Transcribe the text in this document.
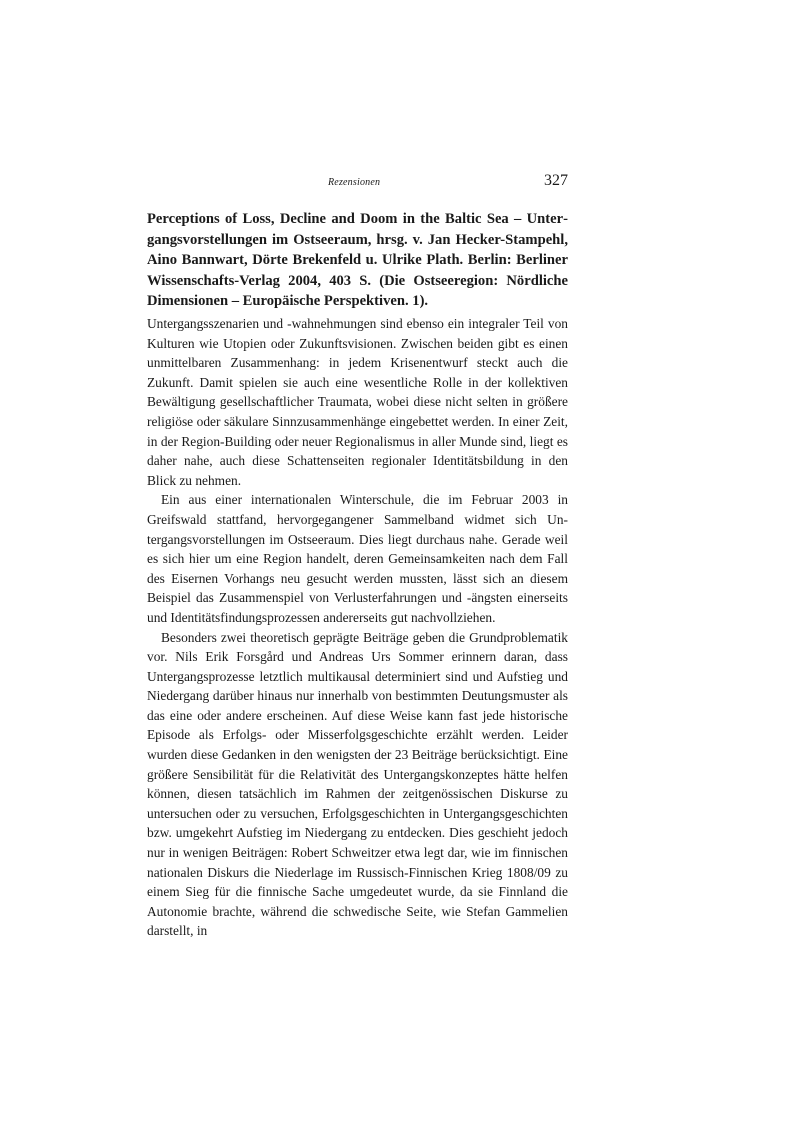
Rezensionen	327
Perceptions of Loss, Decline and Doom in the Baltic Sea – Untergangsvorstellungen im Ostseeraum, hrsg. v. Jan Hecker-Stampehl, Aino Bannwart, Dörte Brekenfeld u. Ulrike Plath. Berlin: Berliner Wissenschafts-Verlag 2004, 403 S. (Die Ostseeregion: Nördliche Dimensionen – Europäische Perspektiven. 1).

Untergangsszenarien und -wahnehmungen sind ebenso ein integraler Teil von Kulturen wie Utopien oder Zukunftsvisionen. Zwischen beiden gibt es einen unmittelbaren Zusammenhang: in jedem Krisenentwurf steckt auch die Zukunft. Damit spielen sie auch eine wesentliche Rolle in der kollektiven Bewältigung gesellschaftlicher Traumata, wobei diese nicht selten in größere religiöse oder säkulare Sinnzusammenhänge eingebettet werden. In einer Zeit, in der Region-Building oder neuer Regionalismus in aller Munde sind, liegt es daher nahe, auch diese Schattenseiten regionaler Identitätsbildung in den Blick zu nehmen.

Ein aus einer internationalen Winterschule, die im Februar 2003 in Greifswald stattfand, hervorgegangener Sammelband widmet sich Untergangsvorstellungen im Ostseeraum. Dies liegt durchaus nahe. Gerade weil es sich hier um eine Region handelt, deren Gemeinsamkeiten nach dem Fall des Eisernen Vorhangs neu gesucht werden mussten, lässt sich an diesem Beispiel das Zusammenspiel von Verlusterfahrungen und -ängsten einerseits und Identitätsfindungsprozessen andererseits gut nachvollziehen.

Besonders zwei theoretisch geprägte Beiträge geben die Grundproblematik vor. Nils Erik Forsgård und Andreas Urs Sommer erinnern daran, dass Untergangsprozesse letztlich multikausal determiniert sind und Aufstieg und Niedergang darüber hinaus nur innerhalb von bestimmten Deutungsmuster als das eine oder andere erscheinen. Auf diese Weise kann fast jede historische Episode als Erfolgs- oder Misserfolgsgeschichte erzählt werden. Leider wurden diese Gedanken in den wenigsten der 23 Beiträge berücksichtigt. Eine größere Sensibilität für die Relativität des Untergangskonzeptes hätte helfen können, diesen tatsächlich im Rahmen der zeitgenössischen Diskurse zu untersuchen oder zu versuchen, Erfolgsgeschichten in Untergangsgeschichten bzw. umgekehrt Aufstieg im Niedergang zu entdecken. Dies geschieht jedoch nur in wenigen Beiträgen: Robert Schweitzer etwa legt dar, wie im finnischen nationalen Diskurs die Niederlage im Russisch-Finnischen Krieg 1808/09 zu einem Sieg für die finnische Sache umgedeutet wurde, da sie Finnland die Autonomie brachte, während die schwedische Seite, wie Stefan Gammelien darstellt, in
